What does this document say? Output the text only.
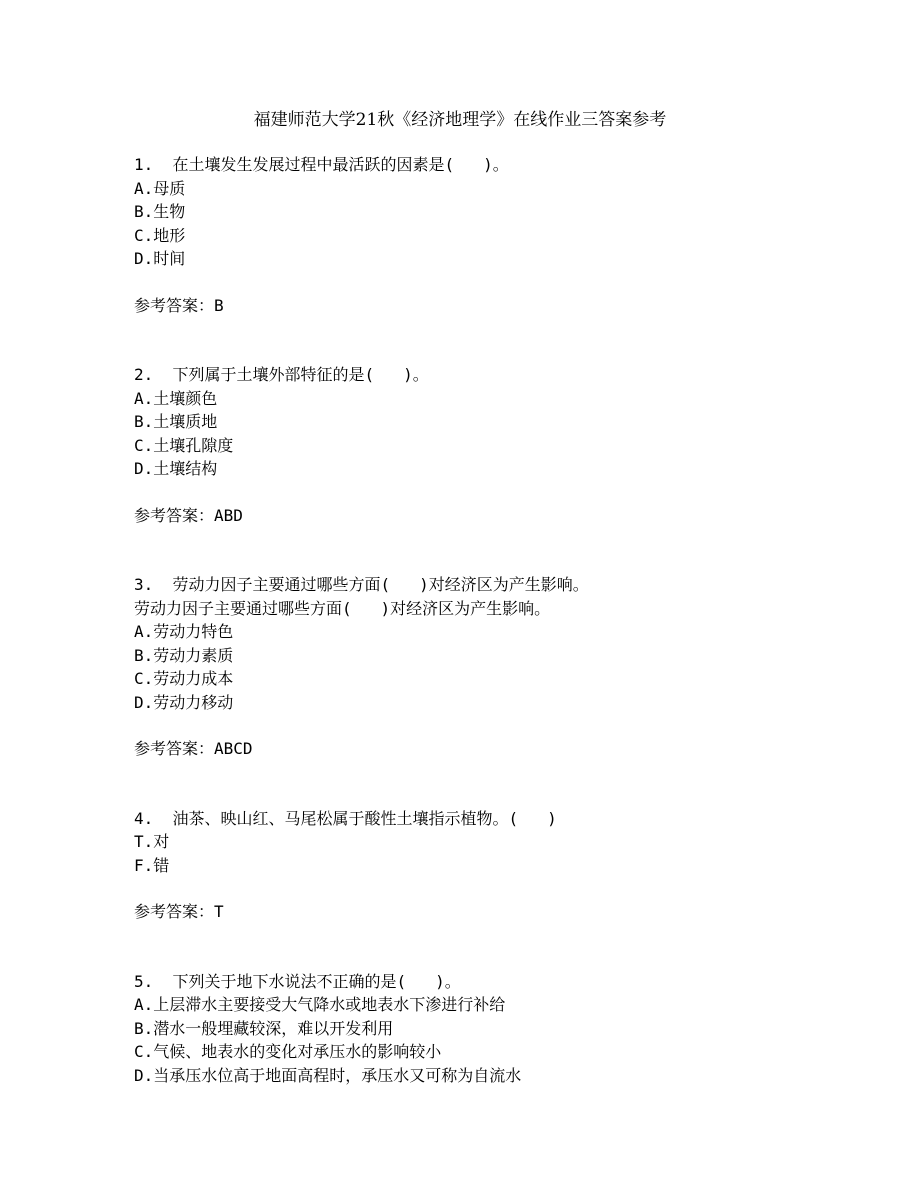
福建师范大学21秋《经济地理学》在线作业三答案参考
1.  在土壤发生发展过程中最活跃的因素是(   )。
A.母质
B.生物
C.地形
D.时间
参考答案：B
2.  下列属于土壤外部特征的是(   )。
A.土壤颜色
B.土壤质地
C.土壤孔隙度
D.土壤结构
参考答案：ABD
3.  劳动力因子主要通过哪些方面(   )对经济区为产生影响。
劳动力因子主要通过哪些方面(   )对经济区为产生影响。
A.劳动力特色
B.劳动力素质
C.劳动力成本
D.劳动力移动
参考答案：ABCD
4.  油茶、映山红、马尾松属于酸性土壤指示植物。(   )
T.对
F.错
参考答案：T
5.  下列关于地下水说法不正确的是(   )。
A.上层滞水主要接受大气降水或地表水下渗进行补给
B.潜水一般埋藏较深，难以开发利用
C.气候、地表水的变化对承压水的影响较小
D.当承压水位高于地面高程时，承压水又可称为自流水
